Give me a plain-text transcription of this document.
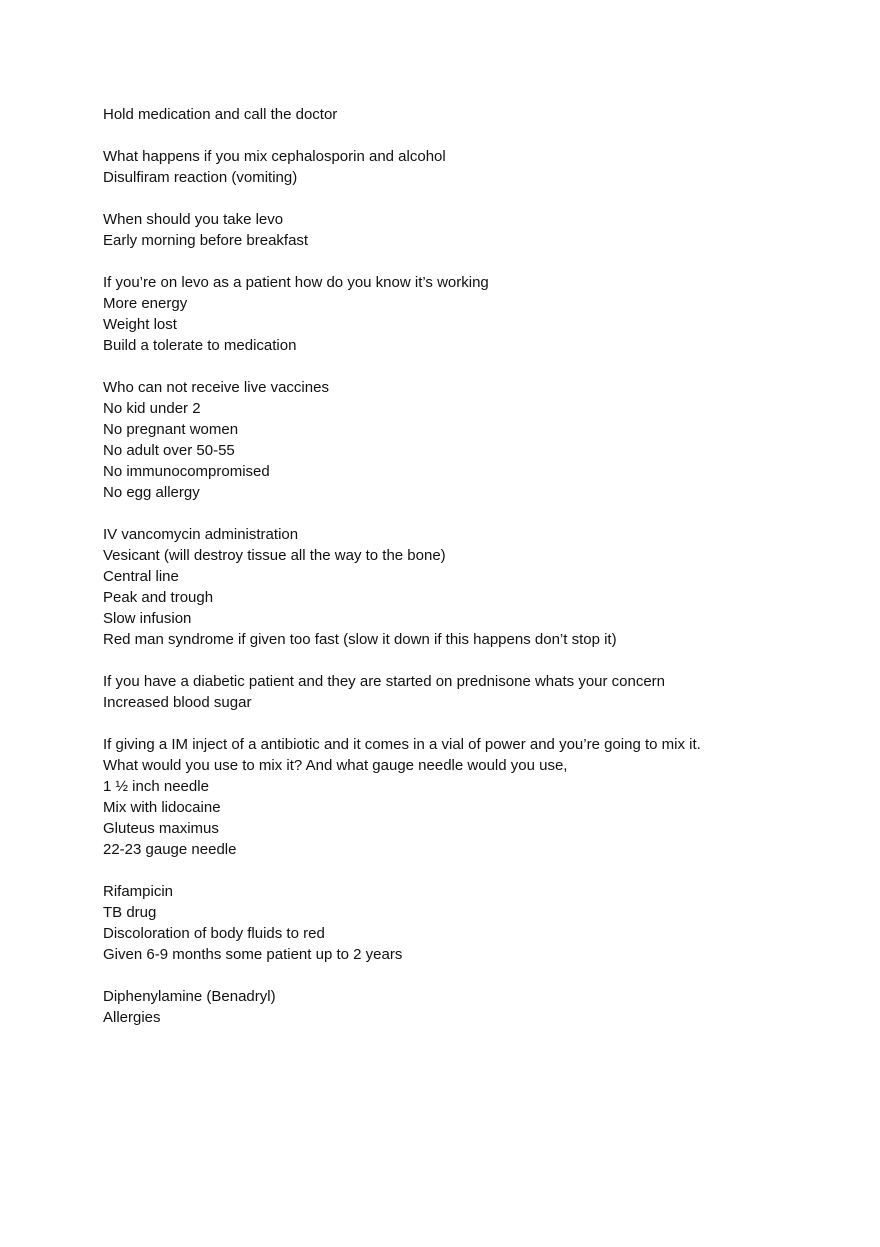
Hold medication and call the doctor
What happens if you mix cephalosporin and alcohol
Disulfiram reaction (vomiting)
When should you take levo
Early morning before breakfast
If you’re on levo as a patient how do you know it’s working
More energy
Weight lost
Build a tolerate to medication
Who can not receive live vaccines
No kid under 2
No pregnant women
No adult over 50-55
No immunocompromised
No egg allergy
IV vancomycin administration
Vesicant (will destroy tissue all the way to the bone)
Central line
Peak and trough
Slow infusion
Red man syndrome if given too fast (slow it down if this happens don’t stop it)
If you have a diabetic patient and they are started on prednisone whats your concern
Increased blood sugar
If giving a IM inject of a antibiotic and it comes in a vial of power and you’re going to mix it.
What would you use to mix it? And what gauge needle would you use,
1 ½ inch needle
Mix with lidocaine
Gluteus maximus
22-23 gauge needle
Rifampicin
TB drug
Discoloration of body fluids to red
Given 6-9 months some patient up to 2 years
Diphenylamine (Benadryl)
Allergies
